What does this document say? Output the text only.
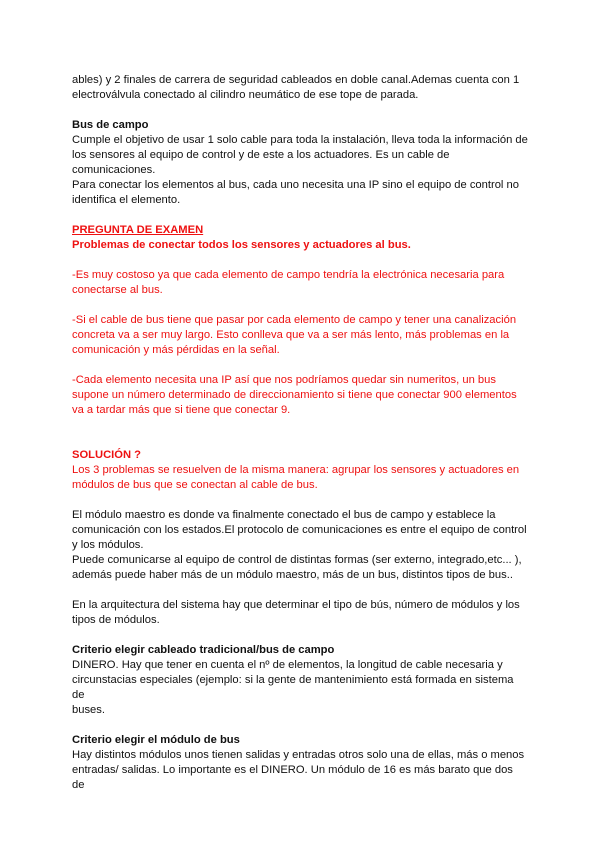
ables) y 2 finales de carrera de seguridad cableados en doble canal.Ademas cuenta con 1

electroválvula conectado al cilindro neumático de ese tope de parada.

Bus de campo

Cumple el objetivo de usar 1 solo cable para toda la instalación, lleva toda la información de

los sensores al equipo de control y de este a los actuadores. Es un cable de

comunicaciones.

Para conectar los elementos al bus, cada uno necesita una IP sino el equipo de control no

identifica el elemento.

PREGUNTA DE EXAMEN

Problemas de conectar todos los sensores y actuadores al bus.

-Es muy costoso ya que cada elemento de campo tendría la electrónica necesaria para

conectarse al bus.

-Si el cable de bus tiene que pasar por cada elemento de campo y tener una canalización

concreta va a ser muy largo. Esto conlleva que va a ser más lento, más problemas en la

comunicación y más pérdidas en la señal.

-Cada elemento necesita una IP así que nos podríamos quedar sin numeritos, un bus

supone un número determinado de direccionamiento si tiene que conectar 900 elementos

va a tardar más que si tiene que conectar 9.

SOLUCIÓN ?

Los 3 problemas se resuelven de la misma manera: agrupar los sensores y actuadores en

módulos de bus que se conectan al cable de bus.

El módulo maestro es donde va finalmente conectado el bus de campo y establece la

comunicación con los estados.El protocolo de comunicaciones es entre el equipo de control

y los módulos.

Puede comunicarse al equipo de control de distintas formas (ser externo, integrado,etc... ),

además puede haber más de un módulo maestro, más de un bus, distintos tipos de bus..

En la arquitectura del sistema hay que determinar el tipo de bús, número de módulos y los

tipos de módulos.

Criterio elegir cableado tradicional/bus de campo

DINERO. Hay que tener en cuenta el nº de elementos, la longitud de cable necesaria y

circunstacias especiales (ejemplo: si la gente de mantenimiento está formada en sistema de

buses.

Criterio elegir el módulo de bus

Hay distintos módulos unos tienen salidas y entradas otros solo una de ellas, más o menos

entradas/ salidas. Lo importante es el DINERO. Un módulo de 16 es más barato que dos de
